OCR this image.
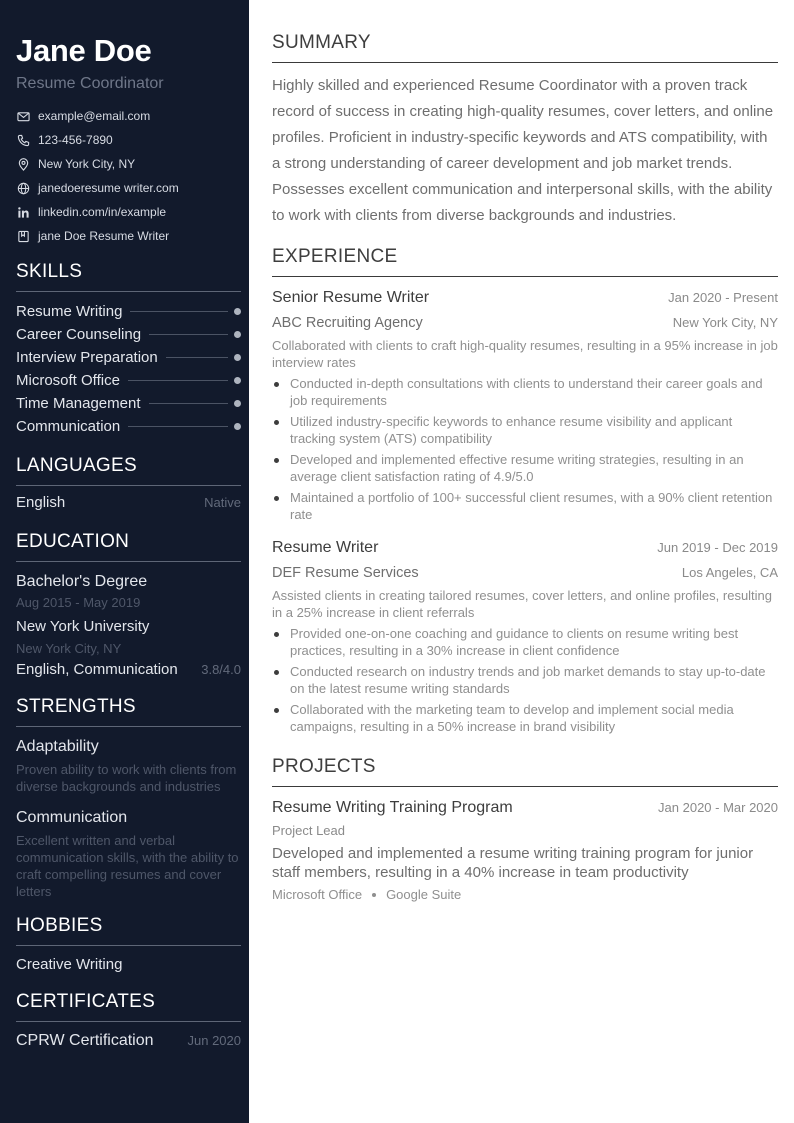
Jane Doe
Resume Coordinator
example@email.com
123-456-7890
New York City, NY
janedoeresume writer.com
linkedin.com/in/example
jane Doe Resume Writer
SKILLS
Resume Writing
Career Counseling
Interview Preparation
Microsoft Office
Time Management
Communication
LANGUAGES
English	Native
EDUCATION
Bachelor's Degree
Aug 2015 - May 2019
New York University
New York City, NY
English, Communication 3.8/4.0
STRENGTHS
Adaptability
Proven ability to work with clients from diverse backgrounds and industries
Communication
Excellent written and verbal communication skills, with the ability to craft compelling resumes and cover letters
HOBBIES
Creative Writing
CERTIFICATES
CPRW Certification	Jun 2020
SUMMARY

Highly skilled and experienced Resume Coordinator with a proven track record of success in creating high-quality resumes, cover letters, and online profiles. Proficient in industry-specific keywords and ATS compatibility, with a strong understanding of career development and job market trends. Possesses excellent communication and interpersonal skills, with the ability to work with clients from diverse backgrounds and industries.

EXPERIENCE
Senior Resume Writer	Jan 2020 - Present
ABC Recruiting Agency	New York City, NY
Collaborated with clients to craft high-quality resumes, resulting in a 95% increase in job interview rates
Conducted in-depth consultations with clients to understand their career goals and job requirements
Utilized industry-specific keywords to enhance resume visibility and applicant tracking system (ATS) compatibility
Developed and implemented effective resume writing strategies, resulting in an average client satisfaction rating of 4.9/5.0
Maintained a portfolio of 100+ successful client resumes, with a 90% client retention rate
Resume Writer	Jun 2019 - Dec 2019
DEF Resume Services	Los Angeles, CA
Assisted clients in creating tailored resumes, cover letters, and online profiles, resulting in a 25% increase in client referrals
Provided one-on-one coaching and guidance to clients on resume writing best practices, resulting in a 30% increase in client confidence
Conducted research on industry trends and job market demands to stay up-to-date on the latest resume writing standards
Collaborated with the marketing team to develop and implement social media campaigns, resulting in a 50% increase in brand visibility
PROJECTS
Resume Writing Training Program	Jan 2020 - Mar 2020
Project Lead
Developed and implemented a resume writing training program for junior staff members, resulting in a 40% increase in team productivity
Microsoft Office Google Suite
